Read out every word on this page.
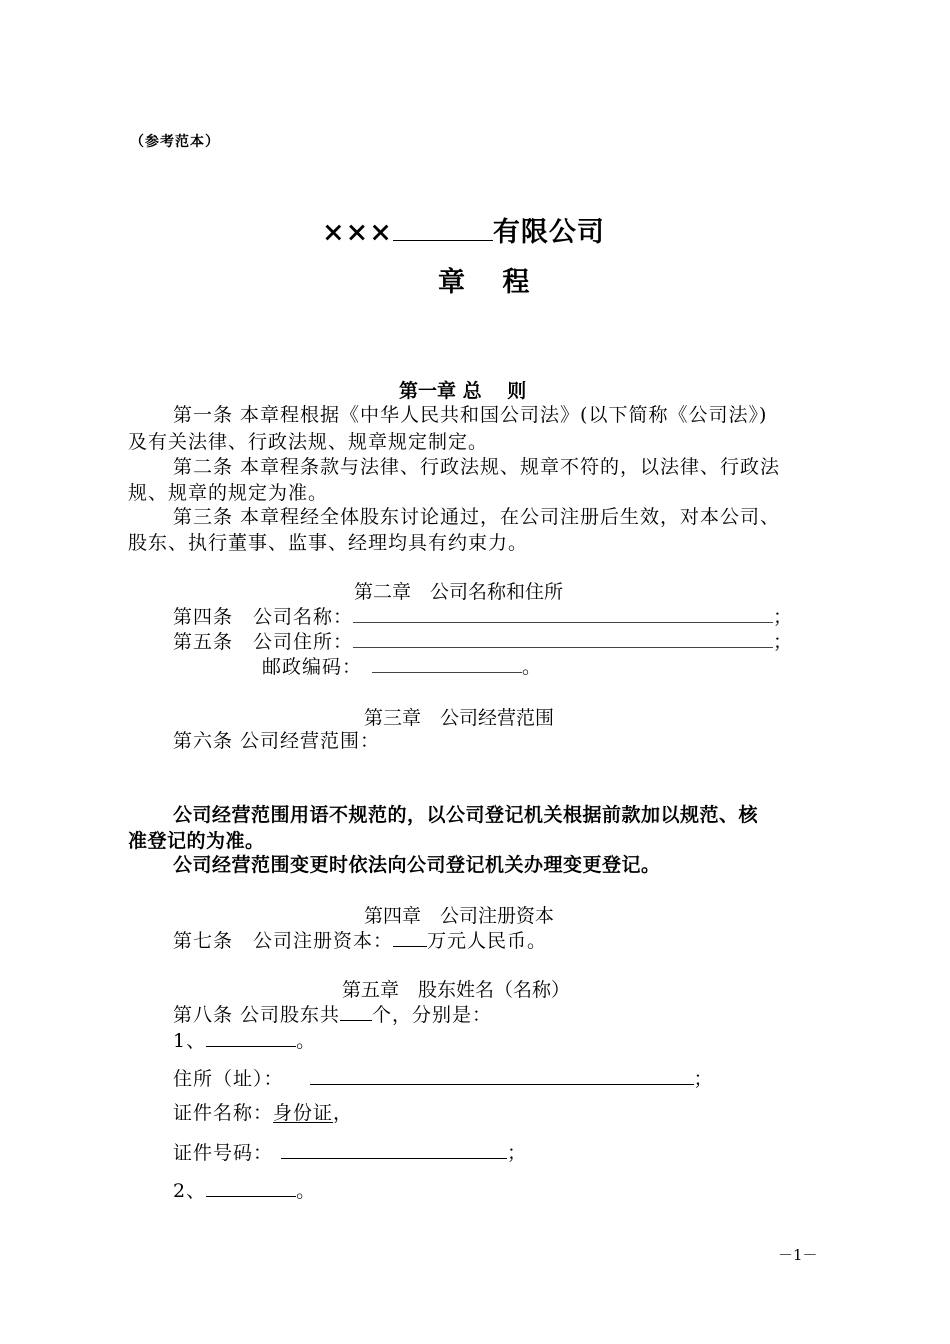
（参考范本）
×××	有限公司
章 程
第一章 总　 则
第一条 本章程根据《中华人民共和国公司法》(以下简称《公司法》)
及有关法律、行政法规、规章规定制定。
第二条 本章程条款与法律、行政法规、规章不符的，以法律、行政法
规、规章的规定为准。
第三条 本章程经全体股东讨论通过，在公司注册后生效，对本公司、
股东、执行董事、监事、经理均具有约束力。
第二章　公司名称和住所
第四条　公司名称：	；
第五条　公司住所：	；
邮政编码：	。
第三章　公司经营范围
第六条 公司经营范围：
公司经营范围用语不规范的，以公司登记机关根据前款加以规范、核
准登记的为准。
公司经营范围变更时依法向公司登记机关办理变更登记。
第四章　公司注册资本
第七条　公司注册资本： 万元人民币。
第五章　股东姓名（名称）
第八条 公司股东共 个，分别是：
1、	。
住所（址）：	；
证件名称：身份证，
证件号码：	；
2、	。
－1－
